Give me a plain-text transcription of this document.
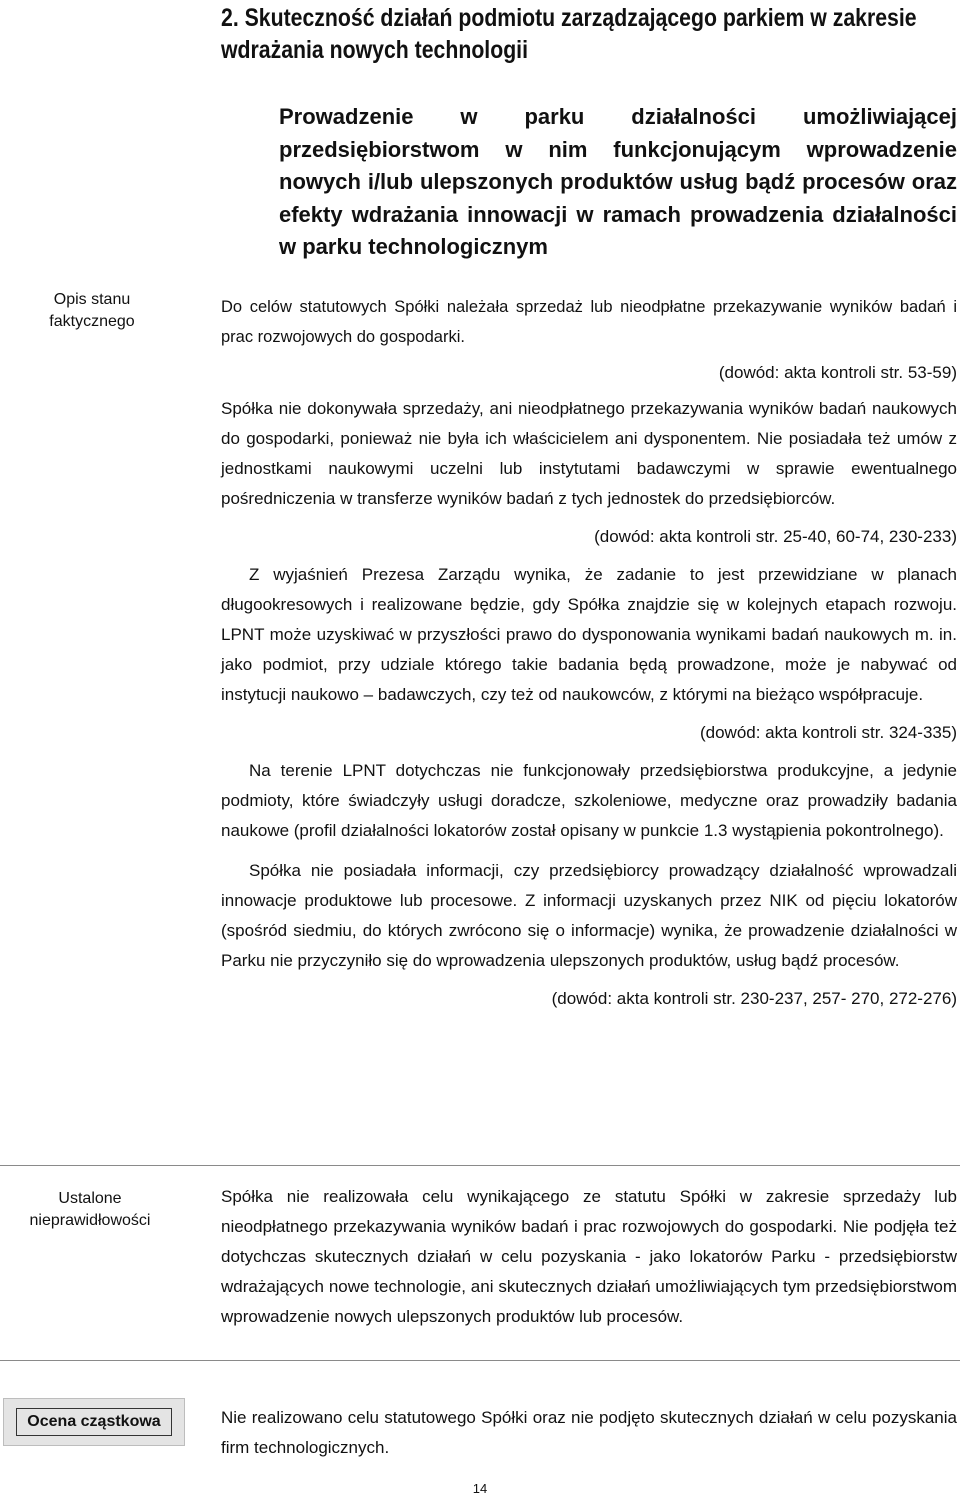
2. Skuteczność działań podmiotu zarządzającego parkiem w zakresie wdrażania nowych technologii
Prowadzenie w parku działalności umożliwiającej przedsiębiorstwom w nim funkcjonującym wprowadzenie nowych i/lub ulepszonych produktów usług bądź procesów oraz efekty wdrażania innowacji w ramach prowadzenia działalności w parku technologicznym
Opis stanu faktycznego
Do celów statutowych Spółki należała sprzedaż lub nieodpłatne przekazywanie wyników badań i prac rozwojowych do gospodarki.
(dowód: akta kontroli str. 53-59)
Spółka nie dokonywała sprzedaży, ani nieodpłatnego przekazywania wyników badań naukowych do gospodarki, ponieważ nie była ich właścicielem ani dysponentem. Nie posiadała też umów z jednostkami naukowymi uczelni lub instytutami badawczymi w sprawie ewentualnego pośredniczenia w transferze wyników badań z tych jednostek do przedsiębiorców.
(dowód: akta kontroli str. 25-40, 60-74, 230-233)
Z wyjaśnień Prezesa Zarządu wynika, że zadanie to jest przewidziane w planach długookresowych i realizowane będzie, gdy Spółka znajdzie się w kolejnych etapach rozwoju. LPNT może uzyskiwać w przyszłości prawo do dysponowania wynikami badań naukowych m. in. jako podmiot, przy udziale którego takie badania będą prowadzone, może je nabywać od instytucji naukowo – badawczych, czy też od naukowców, z którymi na bieżąco współpracuje.
(dowód: akta kontroli str. 324-335)
Na terenie LPNT dotychczas nie funkcjonowały przedsiębiorstwa produkcyjne, a jedynie podmioty, które świadczyły usługi doradcze, szkoleniowe, medyczne oraz prowadziły badania naukowe (profil działalności lokatorów został opisany w punkcie 1.3 wystąpienia pokontrolnego).
Spółka nie posiadała informacji, czy przedsiębiorcy prowadzący działalność wprowadzali innowacje produktowe lub procesowe. Z informacji uzyskanych przez NIK od pięciu lokatorów (spośród siedmiu, do których zwrócono się o informacje) wynika, że prowadzenie działalności w Parku nie przyczyniło się do wprowadzenia ulepszonych produktów, usług bądź procesów.
(dowód: akta kontroli str. 230-237, 257- 270, 272-276)
Ustalone nieprawidłowości
Spółka nie realizowała celu wynikającego ze statutu Spółki w zakresie sprzedaży lub nieodpłatnego przekazywania wyników badań i prac rozwojowych do gospodarki. Nie podjęła też dotychczas skutecznych działań w celu pozyskania - jako lokatorów Parku - przedsiębiorstw wdrażających nowe technologie, ani skutecznych działań umożliwiających tym przedsiębiorstwom wprowadzenie nowych ulepszonych produktów lub procesów.
Ocena cząstkowa	Nie realizowano celu statutowego Spółki oraz nie podjęto skutecznych działań w celu pozyskania firm technologicznych.
14
